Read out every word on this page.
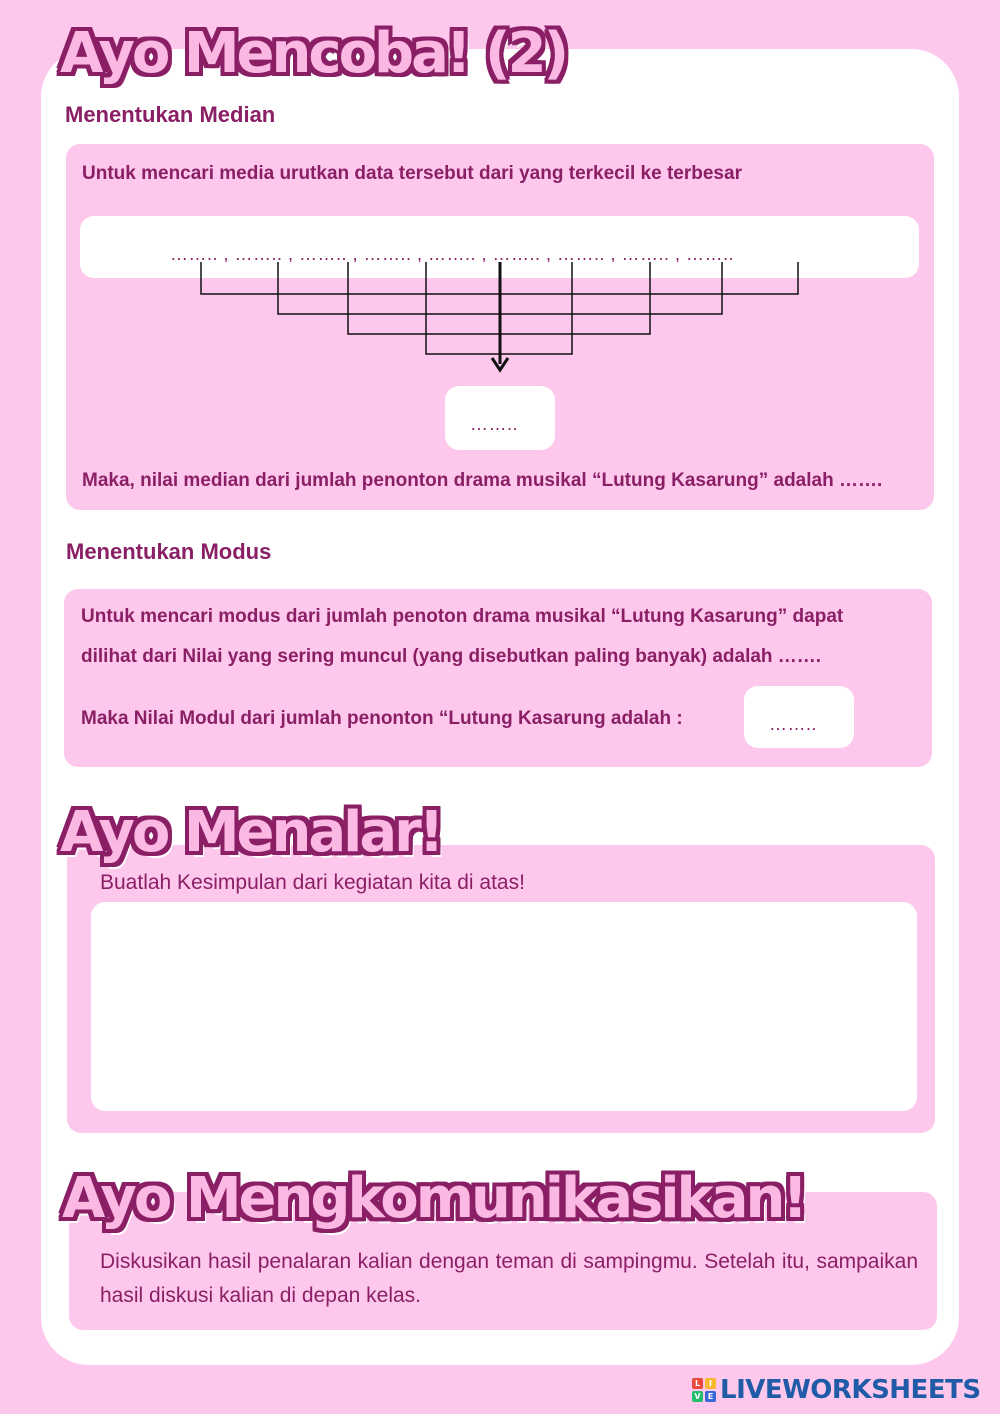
Ayo Mencoba! (2)
Menentukan Median

Untuk mencari media urutkan data tersebut dari yang terkecil ke terbesar

…….. , …….. , …….. , …….. , …….. , …….. , …….. , …….. , ……..
……..

Maka, nilai median dari jumlah penonton drama musikal “Lutung Kasarung” adalah …….

Menentukan Modus

Untuk mencari modus dari jumlah penoton drama musikal “Lutung Kasarung” dapat

dilihat dari Nilai yang sering muncul (yang disebutkan paling banyak) adalah …….

Maka Nilai Modul dari jumlah penonton “Lutung Kasarung adalah :	……..
Ayo Menalar!

Buatlah Kesimpulan dari kegiatan kita di atas!

Ayo Mengkomunikasikan!

Diskusikan hasil penalaran kalian dengan teman di sampingmu. Setelah itu, sampaikan hasil diskusi kalian di depan kelas.

L	I
V E LIVEWORKSHEETS
